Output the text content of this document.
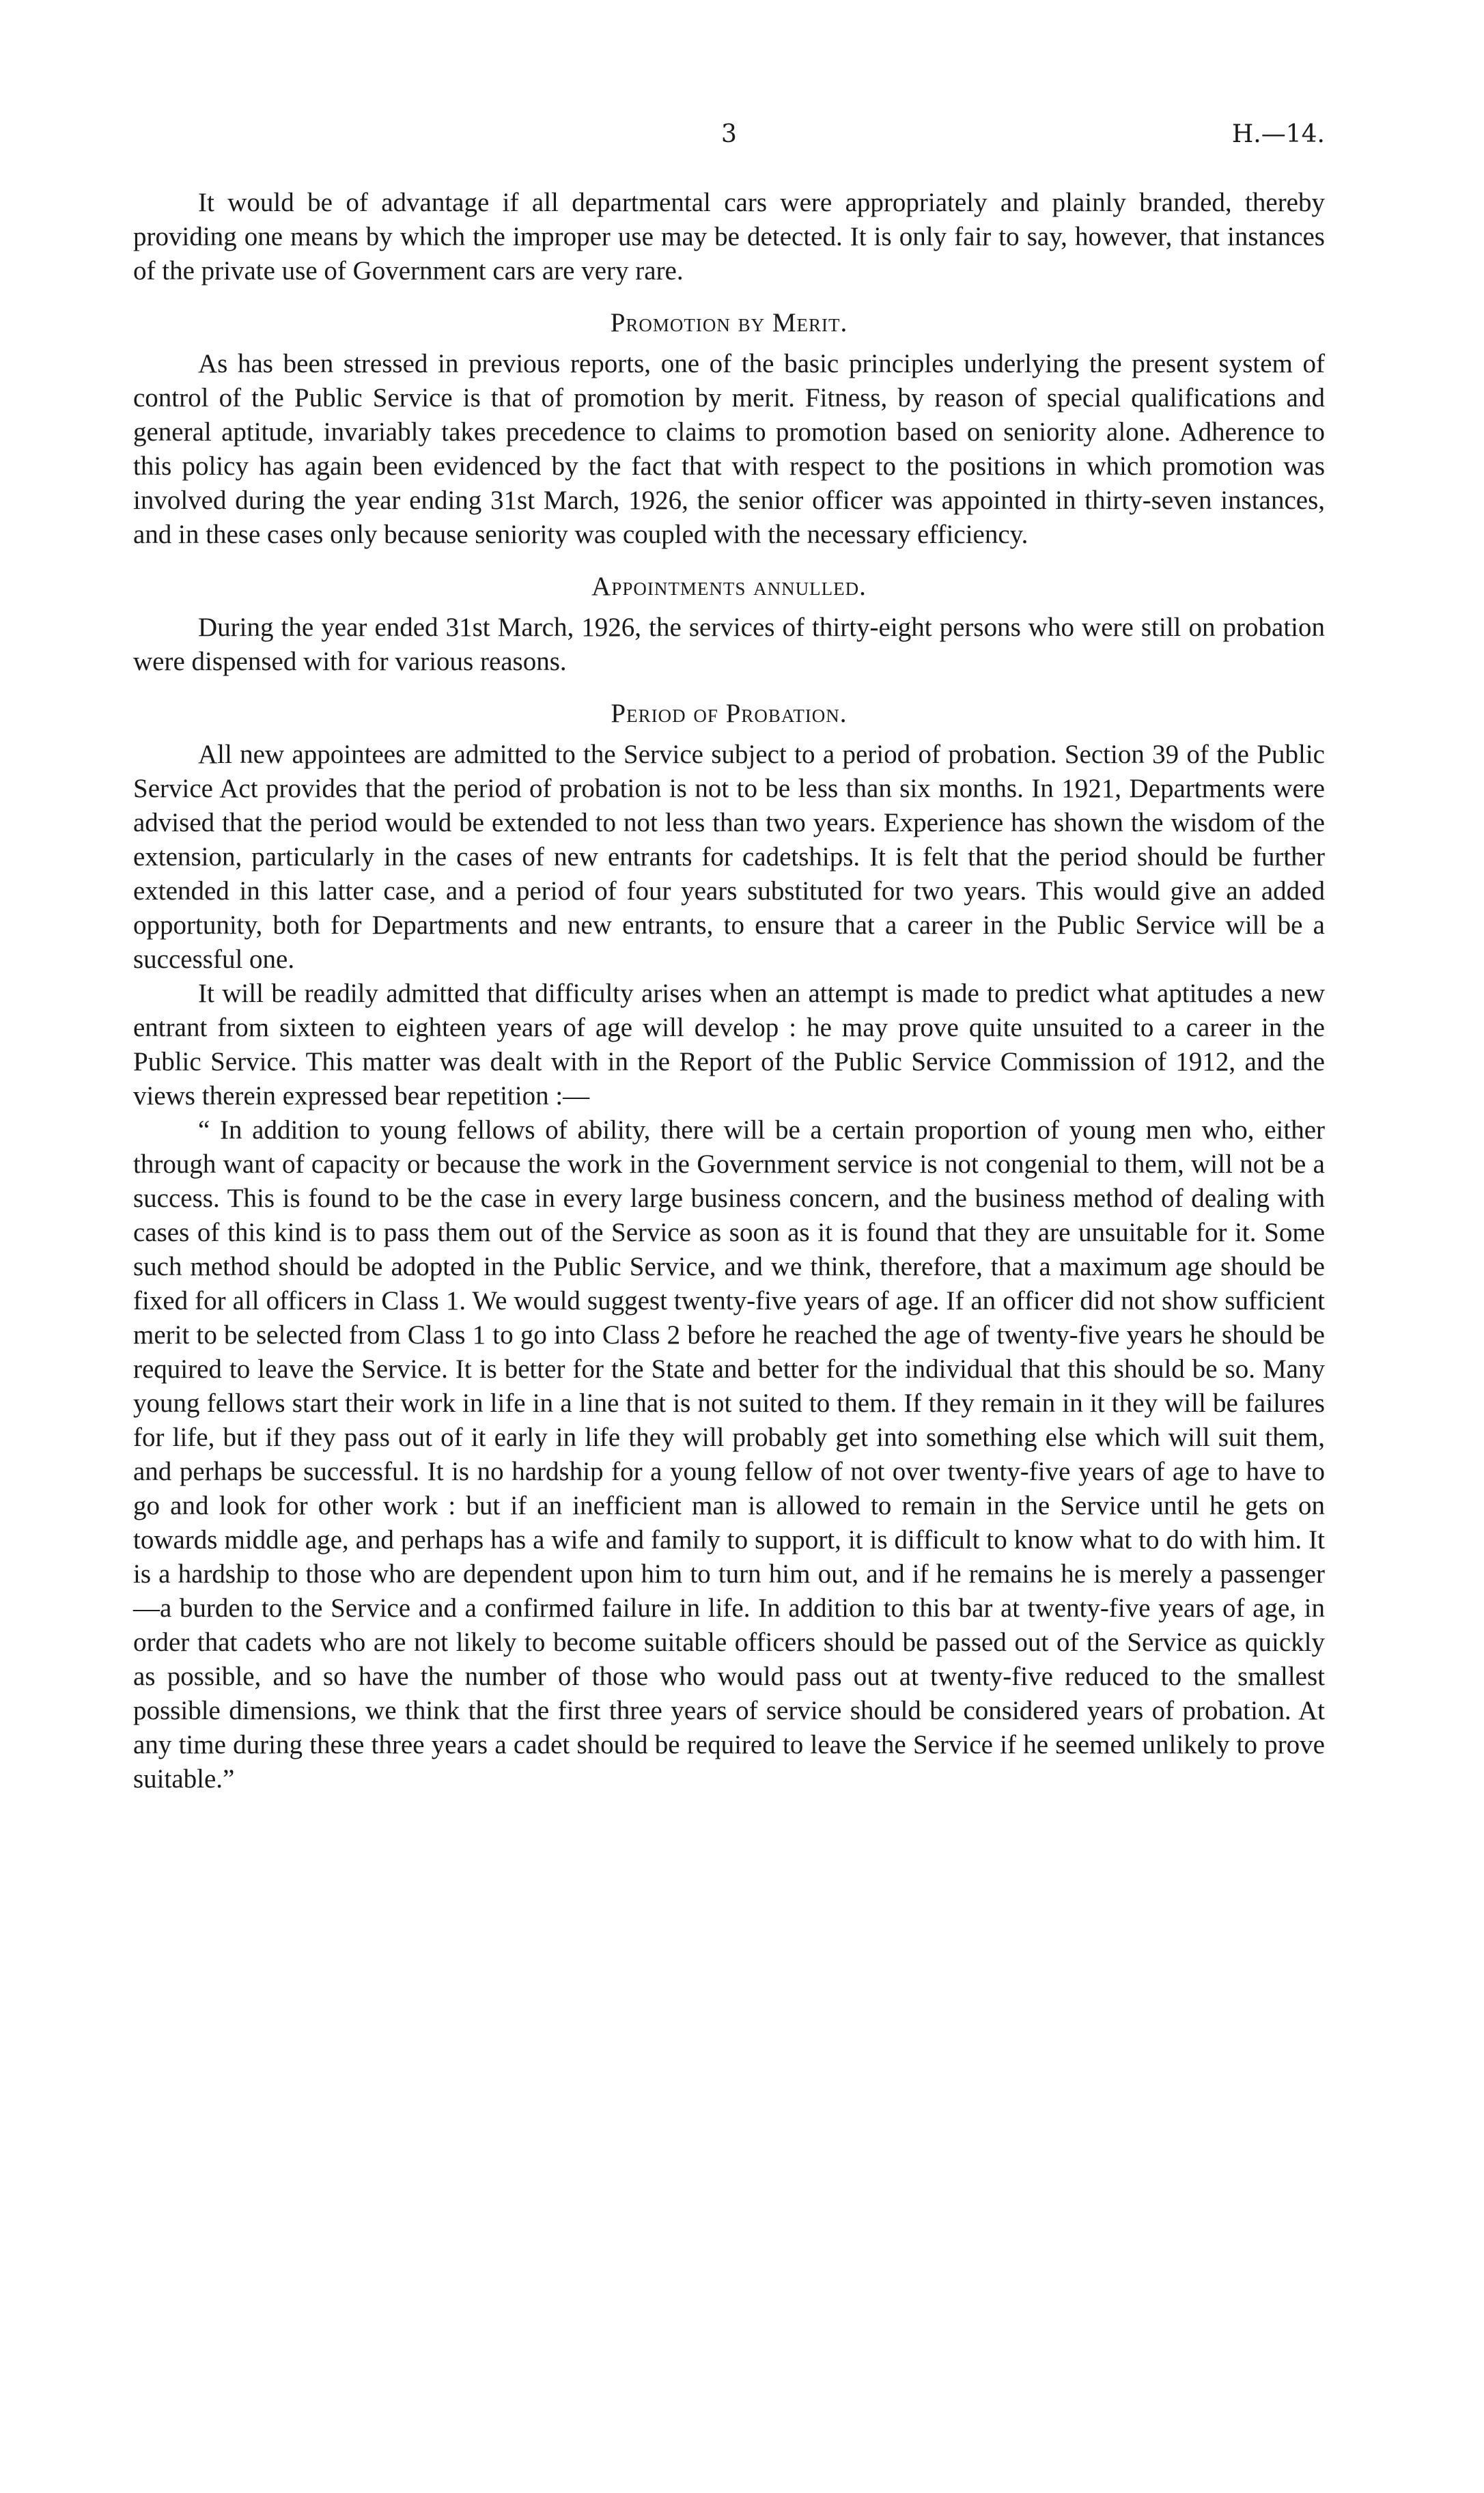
3	H.—14.

It would be of advantage if all departmental cars were appropriately and plainly branded, thereby providing one means by which the improper use may be detected. It is only fair to say, however, that instances of the private use of Government cars are very rare.

Promotion by Merit.

As has been stressed in previous reports, one of the basic principles underlying the present system of control of the Public Service is that of promotion by merit. Fitness, by reason of special qualifications and general aptitude, invariably takes precedence to claims to promotion based on seniority alone. Adherence to this policy has again been evidenced by the fact that with respect to the positions in which promotion was involved during the year ending 31st March, 1926, the senior officer was appointed in thirty-seven instances, and in these cases only because seniority was coupled with the necessary efficiency.

Appointments annulled.

During the year ended 31st March, 1926, the services of thirty-eight persons who were still on probation were dispensed with for various reasons.

Period of Probation.

All new appointees are admitted to the Service subject to a period of probation. Section 39 of the Public Service Act provides that the period of probation is not to be less than six months. In 1921, Departments were advised that the period would be extended to not less than two years. Experience has shown the wisdom of the extension, particularly in the cases of new entrants for cadetships. It is felt that the period should be further extended in this latter case, and a period of four years substituted for two years. This would give an added opportunity, both for Departments and new entrants, to ensure that a career in the Public Service will be a successful one.

It will be readily admitted that difficulty arises when an attempt is made to predict what aptitudes a new entrant from sixteen to eighteen years of age will develop : he may prove quite unsuited to a career in the Public Service. This matter was dealt with in the Report of the Public Service Commission of 1912, and the views therein expressed bear repetition :—

“ In addition to young fellows of ability, there will be a certain proportion of young men who, either through want of capacity or because the work in the Government service is not congenial to them, will not be a success. This is found to be the case in every large business concern, and the business method of dealing with cases of this kind is to pass them out of the Service as soon as it is found that they are unsuitable for it. Some such method should be adopted in the Public Service, and we think, therefore, that a maximum age should be fixed for all officers in Class 1. We would suggest twenty-five years of age. If an officer did not show sufficient merit to be selected from Class 1 to go into Class 2 before he reached the age of twenty-five years he should be required to leave the Service. It is better for the State and better for the individual that this should be so. Many young fellows start their work in life in a line that is not suited to them. If they remain in it they will be failures for life, but if they pass out of it early in life they will probably get into something else which will suit them, and perhaps be successful. It is no hardship for a young fellow of not over twenty-five years of age to have to go and look for other work : but if an inefficient man is allowed to remain in the Service until he gets on towards middle age, and perhaps has a wife and family to support, it is difficult to know what to do with him. It is a hardship to those who are dependent upon him to turn him out, and if he remains he is merely a passenger—a burden to the Service and a confirmed failure in life. In addition to this bar at twenty-five years of age, in order that cadets who are not likely to become suitable officers should be passed out of the Service as quickly as possible, and so have the number of those who would pass out at twenty-five reduced to the smallest possible dimensions, we think that the first three years of service should be considered years of probation. At any time during these three years a cadet should be required to leave the Service if he seemed unlikely to prove suitable.”
